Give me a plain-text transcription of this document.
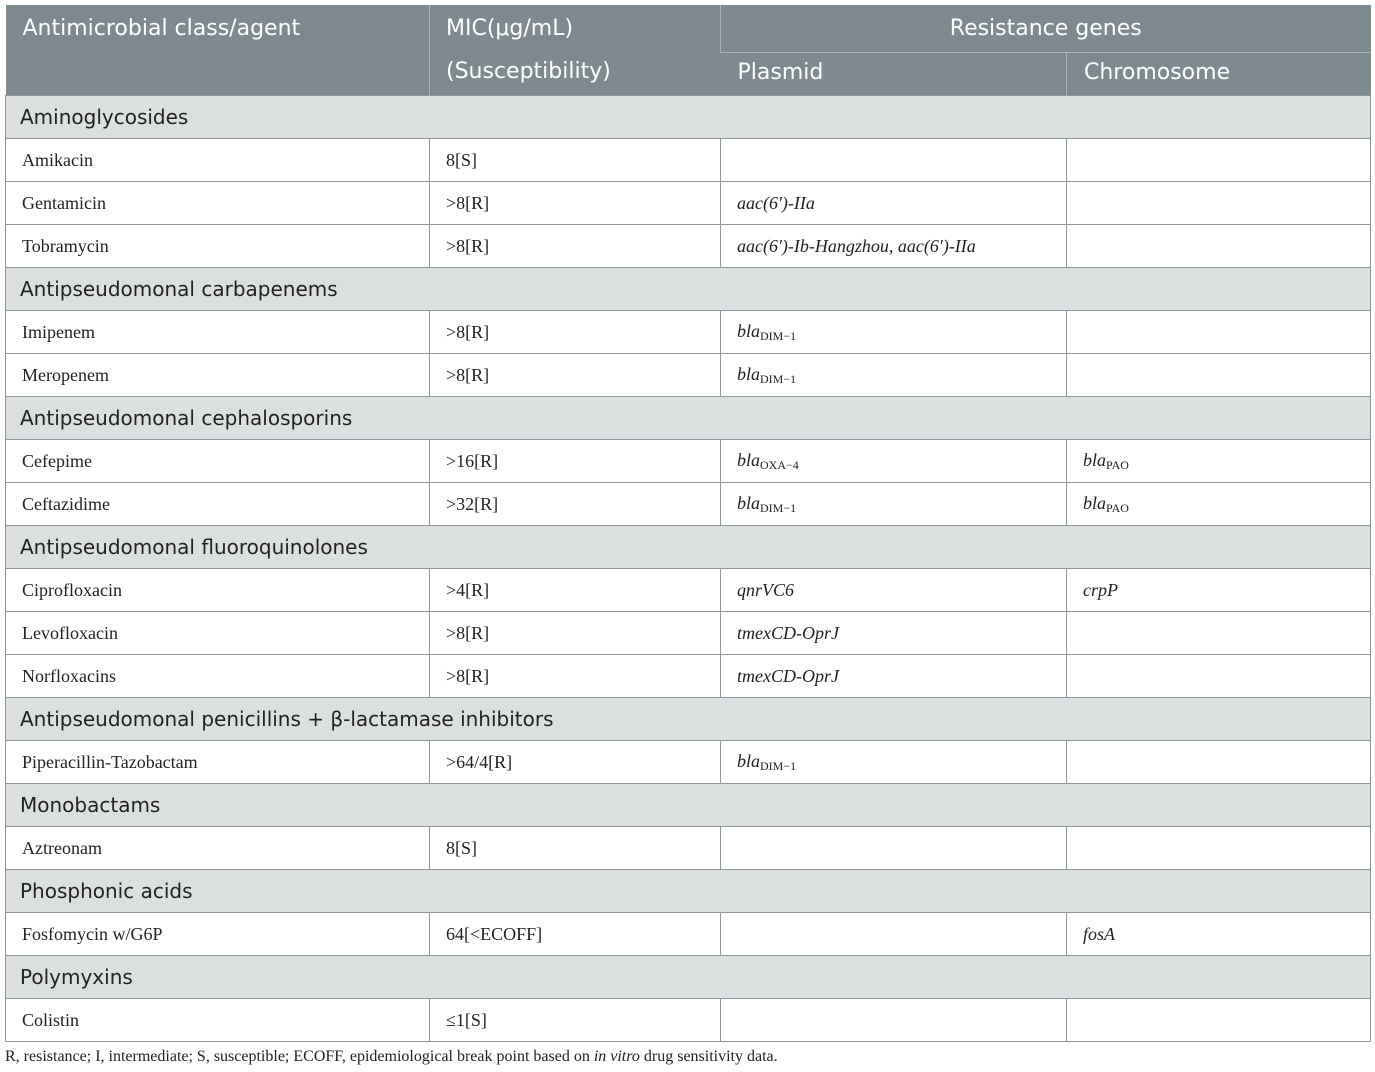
Antimicrobial class/agent	MIC(μg/mL)
(Susceptibility)	Resistance genes	
		Plasmid	Chromosome
Aminoglycosides			
Amikacin	8[S]		
Gentamicin	>8[R]	aac(6′)-IIa	
Tobramycin	>8[R]	aac(6′)-Ib-Hangzhou, aac(6′)-IIa	
Antipseudomonal carbapenems			
Imipenem	>8[R]	bla$_{DIM-1}$	
Meropenem	>8[R]	bla$_{DIM-1}$	
Antipseudomonal cephalosporins			
Cefepime	>16[R]	bla$_{OXA-4}$	bla$_{PAO}$
Ceftazidime	>32[R]	bla$_{DIM-1}$	bla$_{PAO}$
Antipseudomonal fluoroquinolones			
Ciprofloxacin	>4[R]	qnrVC6	crpP
Levofloxacin	>8[R]	tmexCD-OprJ	
Norfloxacins	>8[R]	tmexCD-OprJ	
Antipseudomonal penicillins + β-lactamase inhibitors			
Piperacillin-Tazobactam	>64/4[R]	bla$_{DIM-1}$	
Monobactams			
Aztreonam	8[S]		
Phosphonic acids			
Fosfomycin w/G6P	64[<ECOFF]		fosA
Polymyxins			
Colistin	≤1[S]		
R, resistance; I, intermediate; S, susceptible; ECOFF, epidemiological break point based on in vitro drug sensitivity data.
